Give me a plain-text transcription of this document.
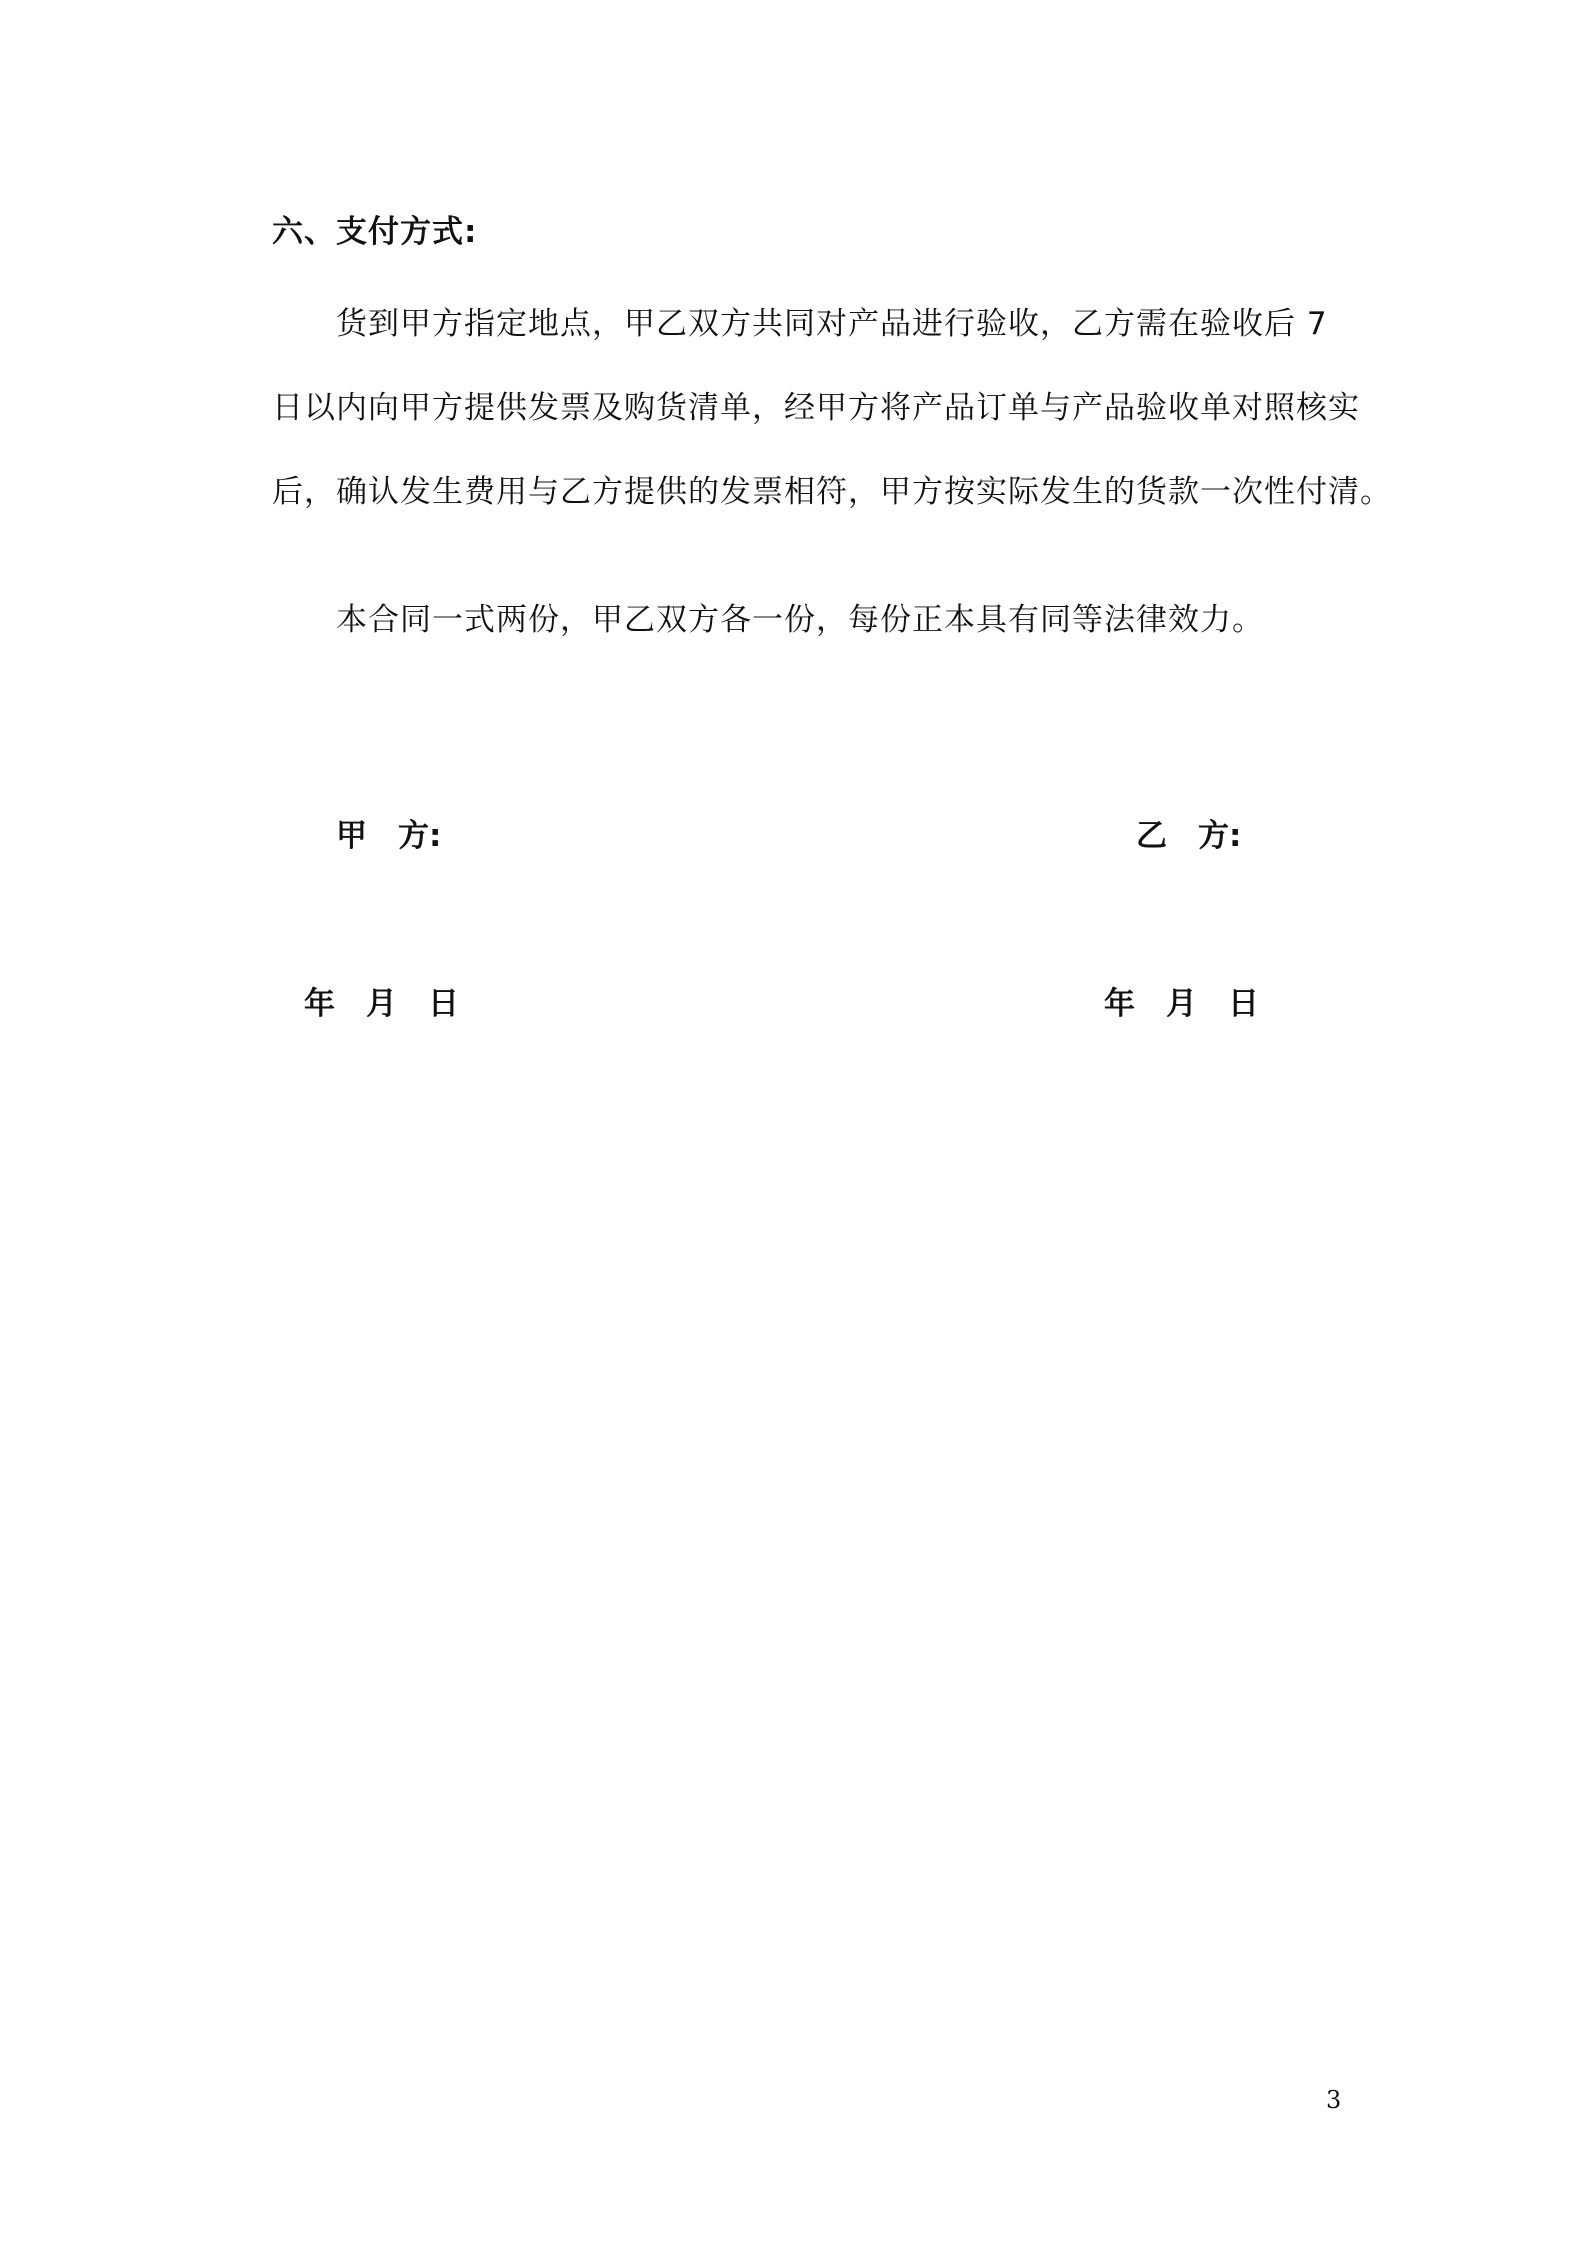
六、支付方式:

货到甲方指定地点，甲乙双方共同对产品进行验收，乙方需在验收后 7
日以内向甲方提供发票及购货清单，经甲方将产品订单与产品验收单对照核实
后，确认发生费用与乙方提供的发票相符，甲方按实际发生的货款一次性付清。

本合同一式两份，甲乙双方各一份，每份正本具有同等法律效力。
甲　方:	乙　方:
年　月　日	年　月　日
3
